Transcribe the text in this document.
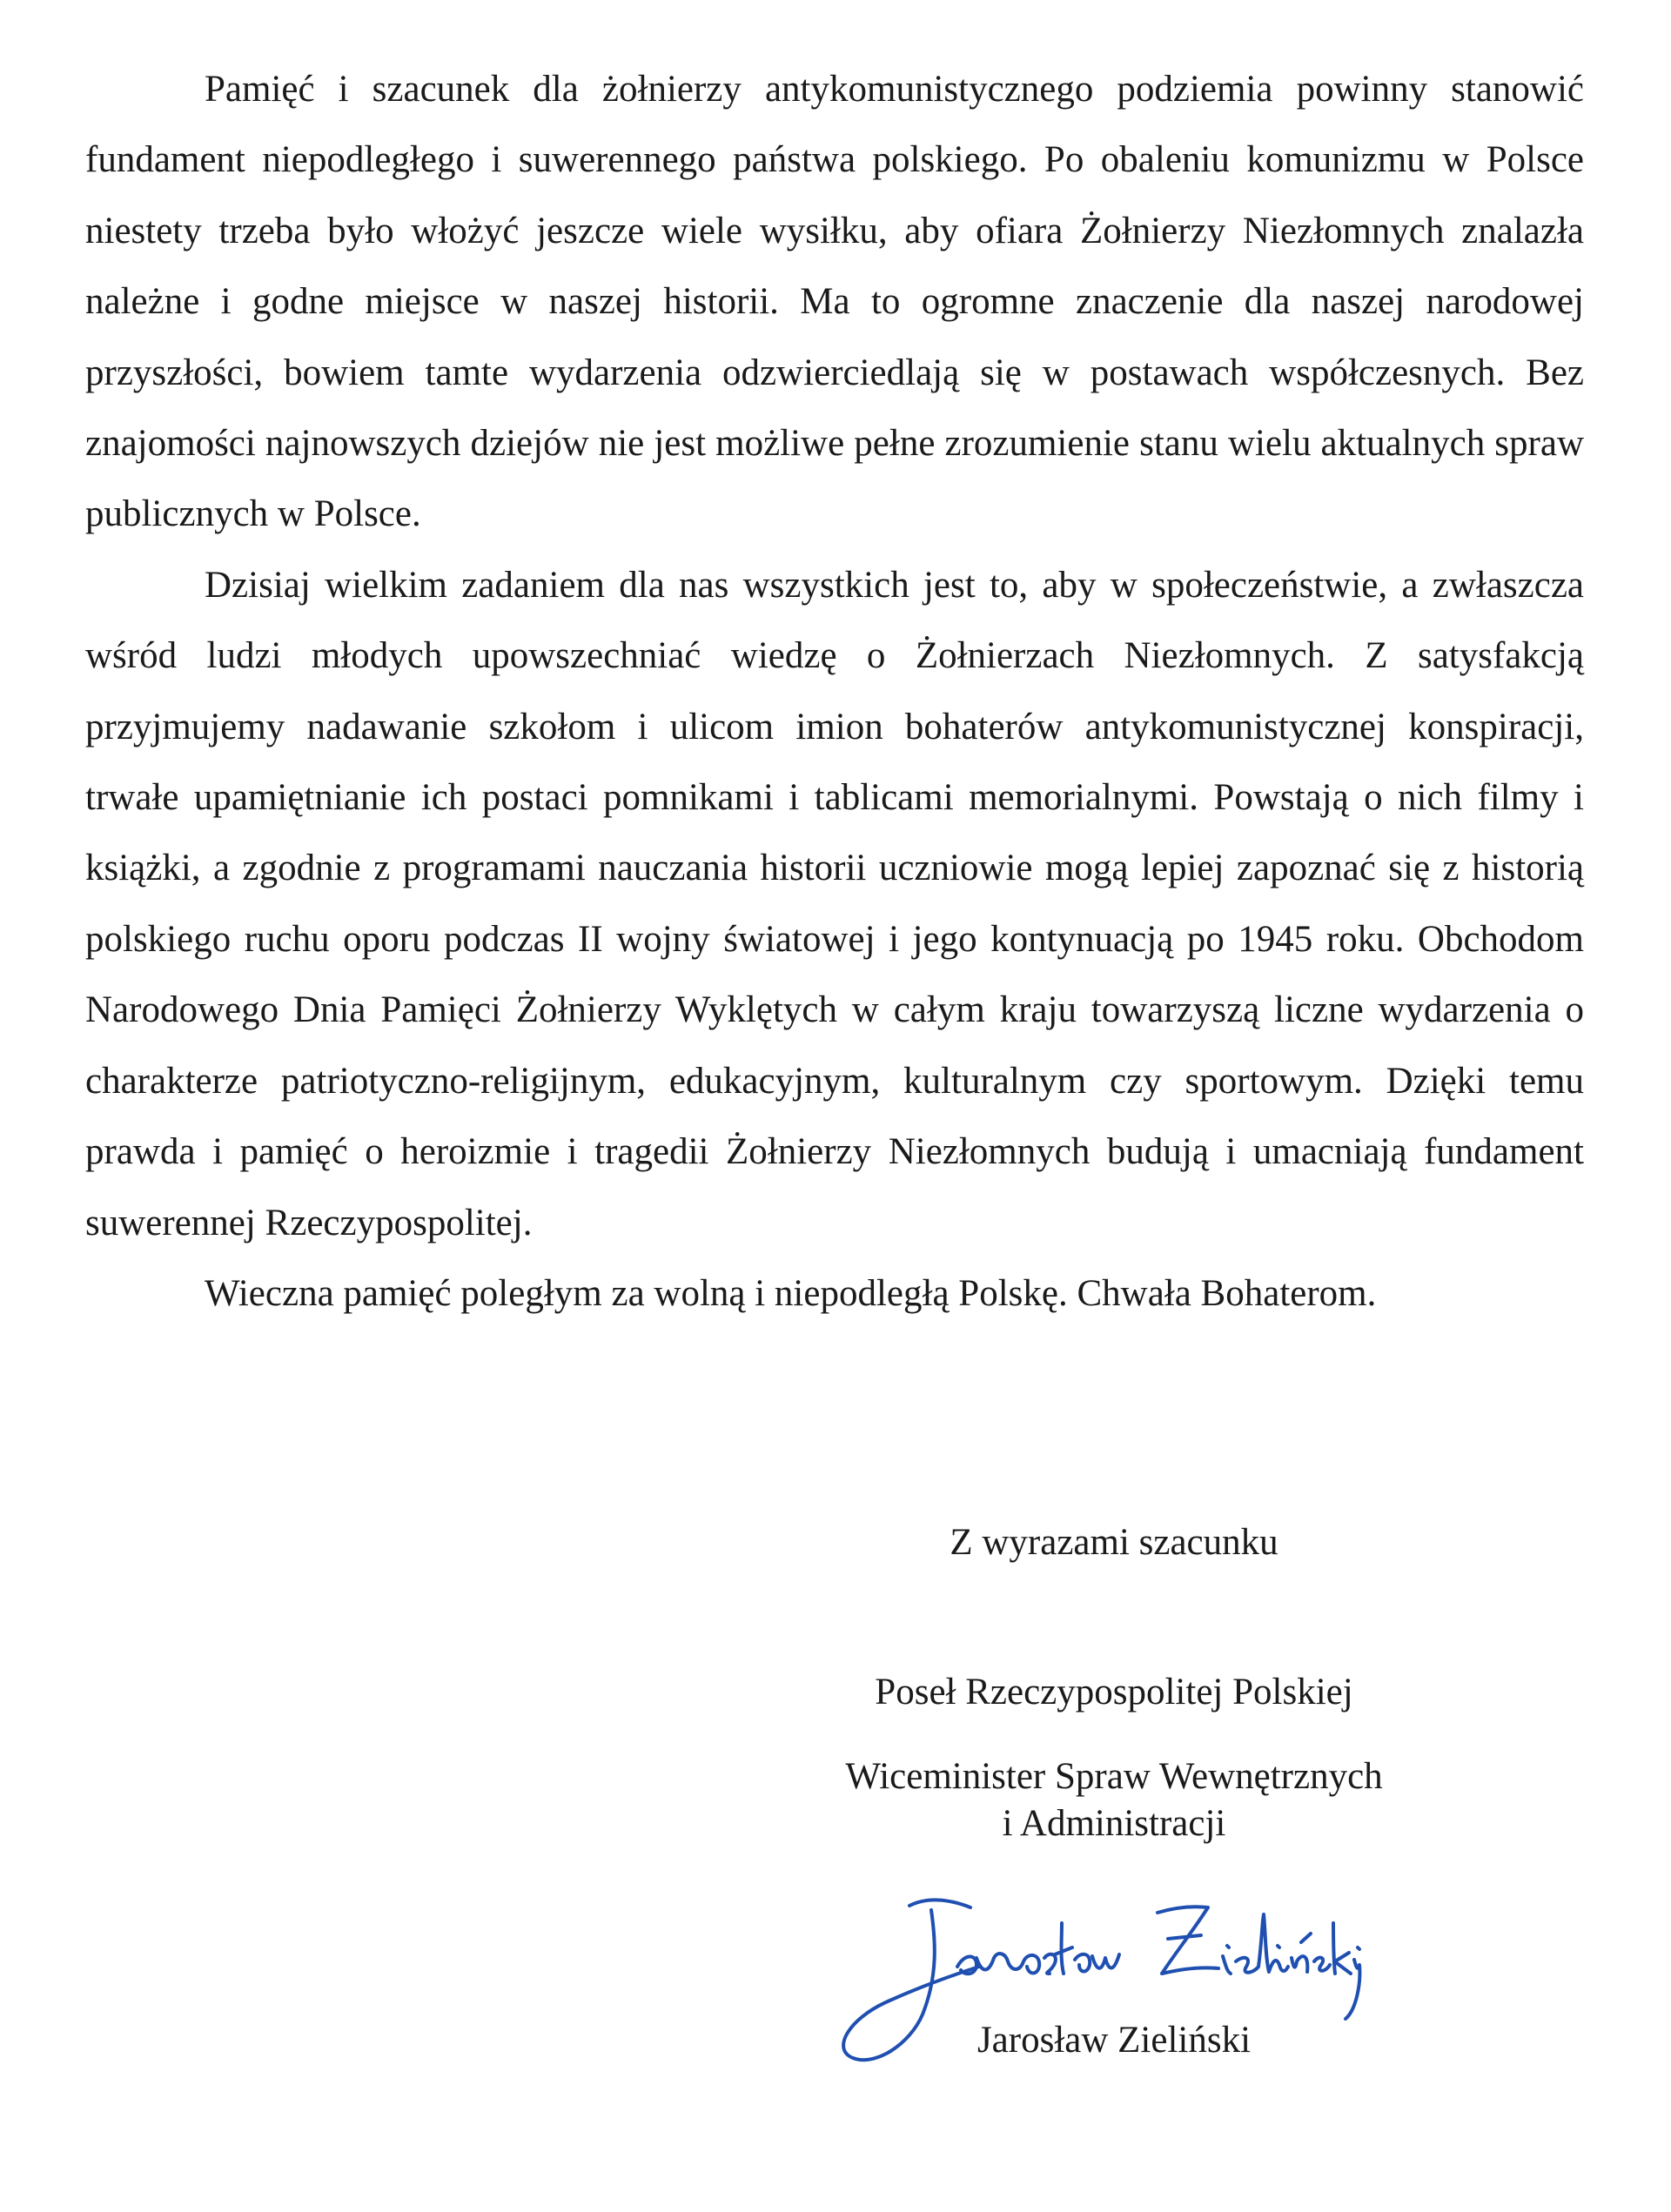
Pamięć i szacunek dla żołnierzy antykomunistycznego podziemia powinny stanowić fundament niepodległego i suwerennego państwa polskiego. Po obaleniu komunizmu w Polsce niestety trzeba było włożyć jeszcze wiele wysiłku, aby ofiara Żołnierzy Niezłomnych znalazła należne i godne miejsce w naszej historii. Ma to ogromne znaczenie dla naszej narodowej przyszłości, bowiem tamte wydarzenia odzwierciedlają się w postawach współczesnych. Bez znajomości najnowszych dziejów nie jest możliwe pełne zrozumienie stanu wielu aktualnych spraw publicznych w Polsce.

Dzisiaj wielkim zadaniem dla nas wszystkich jest to, aby w społeczeństwie, a zwłaszcza wśród ludzi młodych upowszechniać wiedzę o Żołnierzach Niezłomnych. Z satysfakcją przyjmujemy nadawanie szkołom i ulicom imion bohaterów antykomunistycznej konspiracji, trwałe upamiętnianie ich postaci pomnikami i tablicami memorialnymi. Powstają o nich filmy i książki, a zgodnie z programami nauczania historii uczniowie mogą lepiej zapoznać się z historią polskiego ruchu oporu podczas II wojny światowej i jego kontynuacją po 1945 roku. Obchodom Narodowego Dnia Pamięci Żołnierzy Wyklętych w całym kraju towarzyszą liczne wydarzenia o charakterze patriotyczno-religijnym, edukacyjnym, kulturalnym czy sportowym. Dzięki temu prawda i pamięć o heroizmie i tragedii Żołnierzy Niezłomnych budują i umacniają fundament suwerennej Rzeczypospolitej.

Wieczna pamięć poległym za wolną i niepodległą Polskę. Chwała Bohaterom.

Z wyrazami szacunku
Poseł Rzeczypospolitej Polskiej
Wiceminister Spraw Wewnętrznych
i Administracji
Jarosław Zieliński
